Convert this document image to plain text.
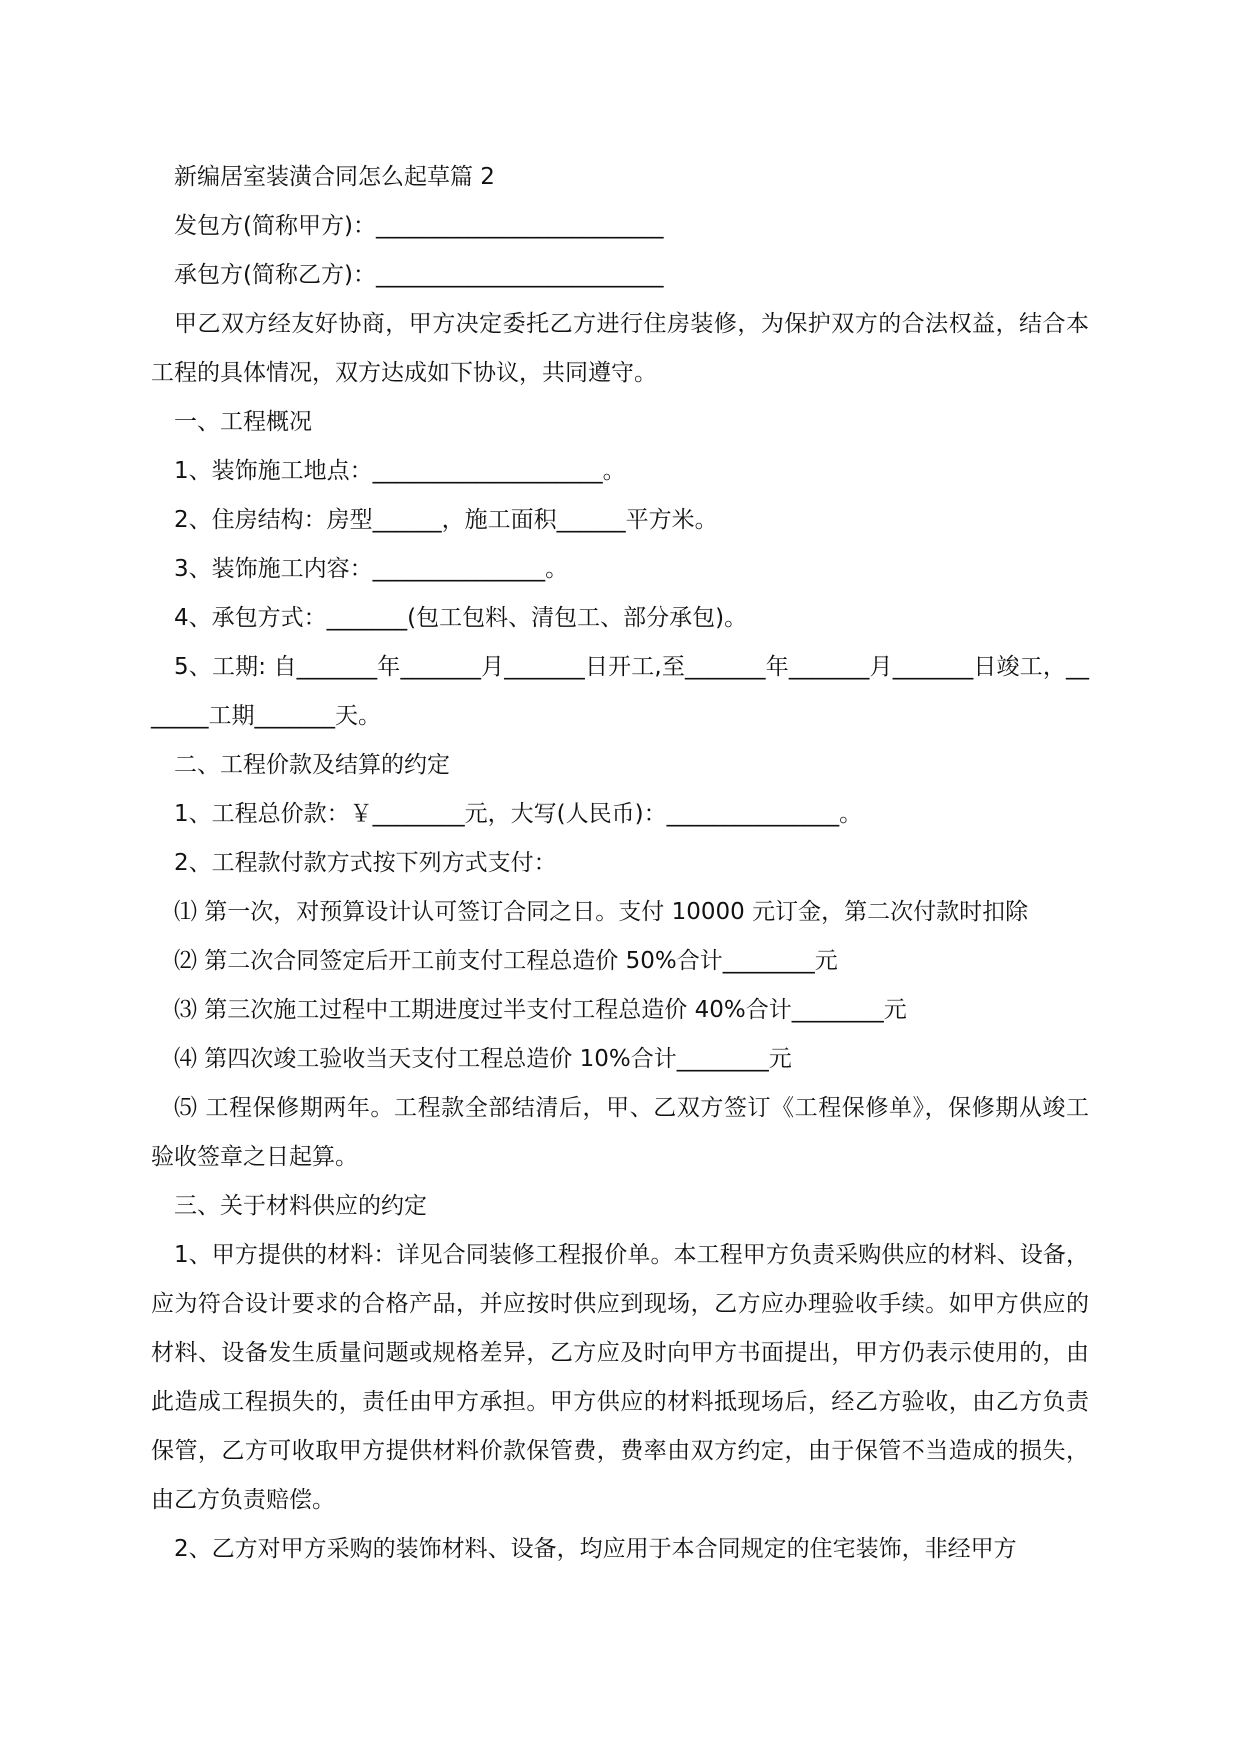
新编居室装潢合同怎么起草篇 2

发包方(简称甲方)：_________________________

承包方(简称乙方)：_________________________

甲乙双方经友好协商，甲方决定委托乙方进行住房装修，为保护双方的合法权益，结合本工程的具体情况，双方达成如下协议，共同遵守。

一、工程概况

1、装饰施工地点：____________________。

2、住房结构：房型______，施工面积______平方米。

3、装饰施工内容：_______________。

4、承包方式：_______(包工包料、清包工、部分承包)。

5、工期: 自_______年_______月_______日开工,至_______年_______月_______日竣工，_______工期_______天。

二、工程价款及结算的约定

1、工程总价款：￥________元，大写(人民币)：_______________。

2、工程款付款方式按下列方式支付：

⑴ 第一次，对预算设计认可签订合同之日。支付 10000 元订金，第二次付款时扣除

⑵ 第二次合同签定后开工前支付工程总造价 50%合计________元

⑶ 第三次施工过程中工期进度过半支付工程总造价 40%合计________元

⑷ 第四次竣工验收当天支付工程总造价 10%合计________元

⑸ 工程保修期两年。工程款全部结清后，甲、乙双方签订《工程保修单》，保修期从竣工验收签章之日起算。

三、关于材料供应的约定

1、甲方提供的材料：详见合同装修工程报价单。本工程甲方负责采购供应的材料、设备，应为符合设计要求的合格产品，并应按时供应到现场，乙方应办理验收手续。如甲方供应的材料、设备发生质量问题或规格差异，乙方应及时向甲方书面提出，甲方仍表示使用的，由此造成工程损失的，责任由甲方承担。甲方供应的材料抵现场后，经乙方验收，由乙方负责保管，乙方可收取甲方提供材料价款保管费，费率由双方约定，由于保管不当造成的损失，由乙方负责赔偿。

2、乙方对甲方采购的装饰材料、设备，均应用于本合同规定的住宅装饰，非经甲方
